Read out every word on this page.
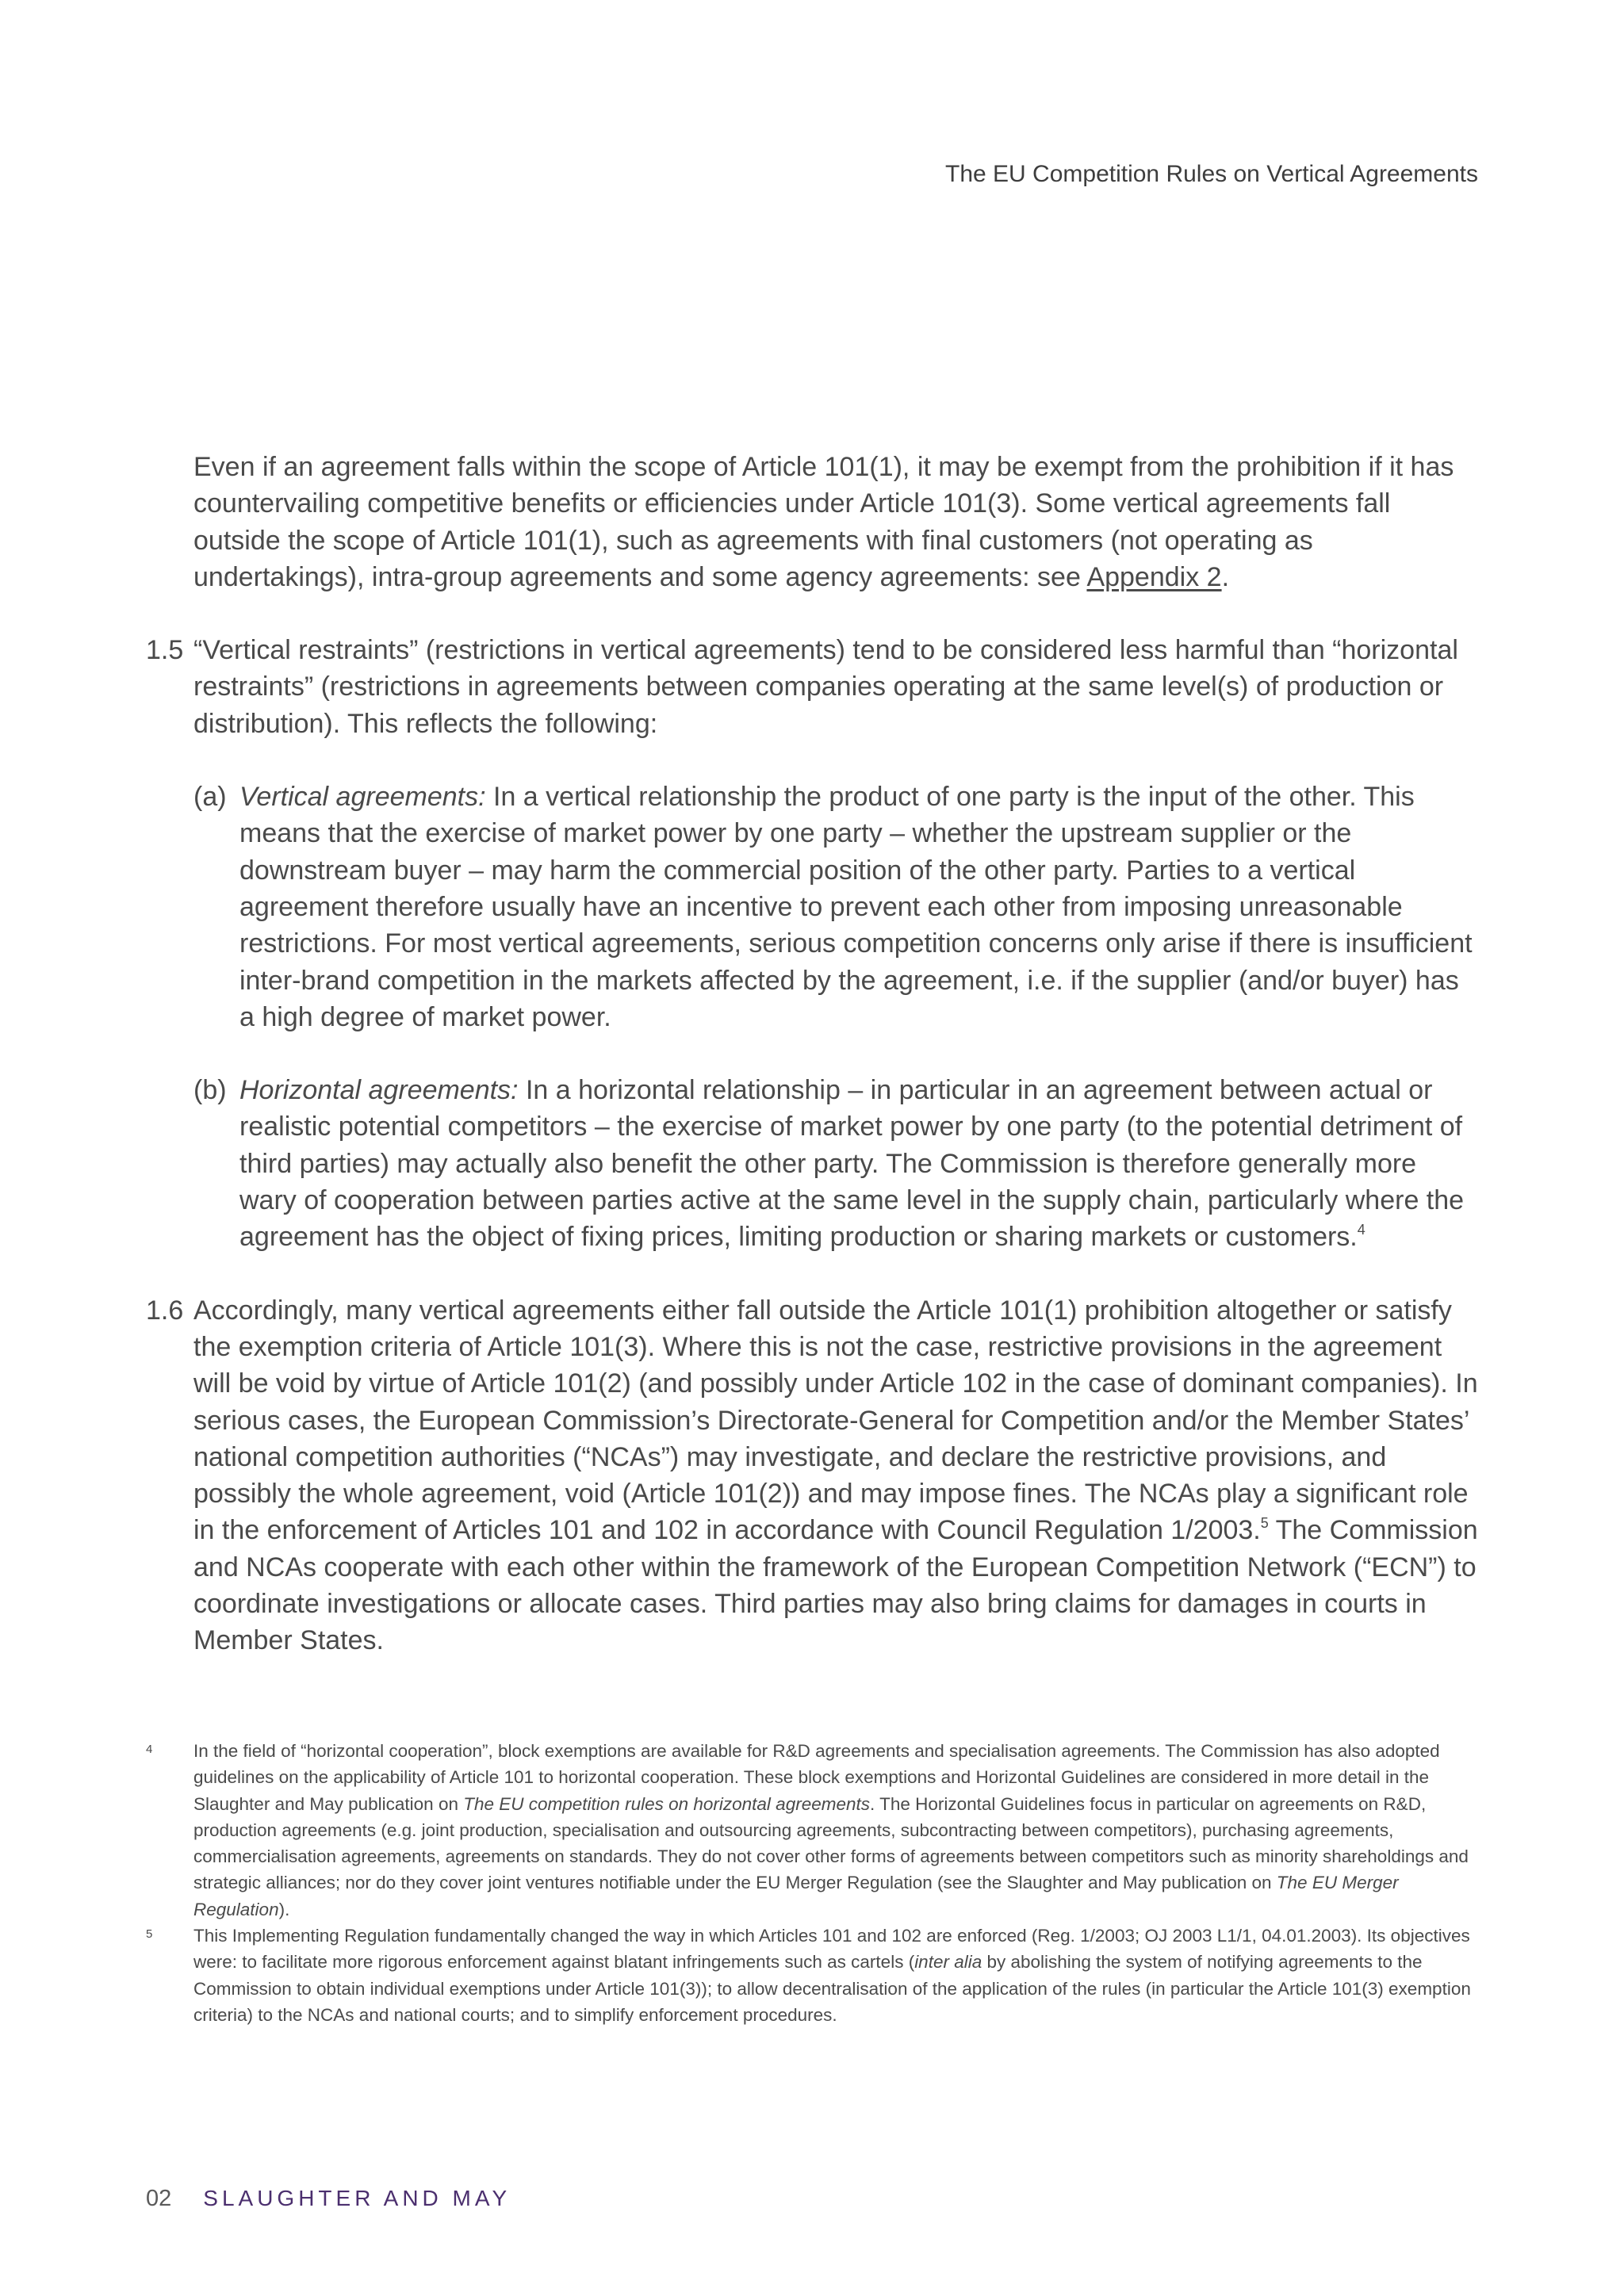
The EU Competition Rules on Vertical Agreements

Even if an agreement falls within the scope of Article 101(1), it may be exempt from the prohibition if it has countervailing competitive benefits or efficiencies under Article 101(3). Some vertical agreements fall outside the scope of Article 101(1), such as agreements with final customers (not operating as undertakings), intra-group agreements and some agency agreements: see Appendix 2.

1.5 “Vertical restraints” (restrictions in vertical agreements) tend to be considered less harmful than “horizontal restraints” (restrictions in agreements between companies operating at the same level(s) of production or distribution). This reflects the following:

(a) Vertical agreements: In a vertical relationship the product of one party is the input of the other. This means that the exercise of market power by one party – whether the upstream supplier or the downstream buyer – may harm the commercial position of the other party. Parties to a vertical agreement therefore usually have an incentive to prevent each other from imposing unreasonable restrictions. For most vertical agreements, serious competition concerns only arise if there is insufficient inter-brand competition in the markets affected by the agreement, i.e. if the supplier (and/or buyer) has a high degree of market power.

(b) Horizontal agreements: In a horizontal relationship – in particular in an agreement between actual or realistic potential competitors – the exercise of market power by one party (to the potential detriment of third parties) may actually also benefit the other party. The Commission is therefore generally more wary of cooperation between parties active at the same level in the supply chain, particularly where the agreement has the object of fixing prices, limiting production or sharing markets or customers.$^4$

1.6 Accordingly, many vertical agreements either fall outside the Article 101(1) prohibition altogether or satisfy the exemption criteria of Article 101(3). Where this is not the case, restrictive provisions in the agreement will be void by virtue of Article 101(2) (and possibly under Article 102 in the case of dominant companies). In serious cases, the European Commission’s Directorate-General for Competition and/or the Member States’ national competition authorities (“NCAs”) may investigate, and declare the restrictive provisions, and possibly the whole agreement, void (Article 101(2)) and may impose fines. The NCAs play a significant role in the enforcement of Articles 101 and 102 in accordance with Council Regulation 1/2003.$^5$ The Commission and NCAs cooperate with each other within the framework of the European Competition Network (“ECN”) to coordinate investigations or allocate cases. Third parties may also bring claims for damages in courts in Member States.

4 In the field of “horizontal cooperation”, block exemptions are available for R&D agreements and specialisation agreements. The Commission has also adopted guidelines on the applicability of Article 101 to horizontal cooperation. These block exemptions and Horizontal Guidelines are considered in more detail in the Slaughter and May publication on The EU competition rules on horizontal agreements. The Horizontal Guidelines focus in particular on agreements on R&D, production agreements (e.g. joint production, specialisation and outsourcing agreements, subcontracting between competitors), purchasing agreements, commercialisation agreements, agreements on standards. They do not cover other forms of agreements between competitors such as minority shareholdings and strategic alliances; nor do they cover joint ventures notifiable under the EU Merger Regulation (see the Slaughter and May publication on The EU Merger Regulation).

5 This Implementing Regulation fundamentally changed the way in which Articles 101 and 102 are enforced (Reg. 1/2003; OJ 2003 L1/1, 04.01.2003). Its objectives were: to facilitate more rigorous enforcement against blatant infringements such as cartels (inter alia by abolishing the system of notifying agreements to the Commission to obtain individual exemptions under Article 101(3)); to allow decentralisation of the application of the rules (in particular the Article 101(3) exemption criteria) to the NCAs and national courts; and to simplify enforcement procedures.

02 SLAUGHTER AND MAY
